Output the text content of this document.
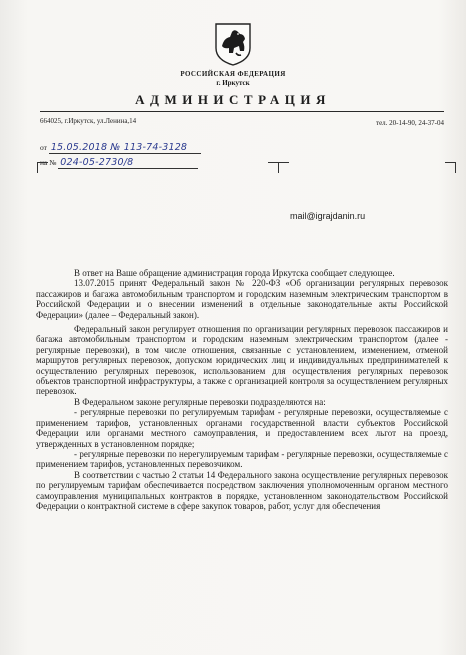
РОССИЙСКАЯ ФЕДЕРАЦИЯ
г. Иркутск
АДМИНИСТРАЦИЯ
664025, г.Иркутск, ул.Ленина,14	тел. 20-14-90, 24-37-04
от 15.05.2018 № 113-74-3128
на № 024-05-2730/8
mail@igrajdanin.ru

В ответ на Ваше обращение администрация города Иркутска сообщает следующее.

13.07.2015 принят Федеральный закон № 220-ФЗ «Об организации регулярных перевозок пассажиров и багажа автомобильным транспортом и городским наземным электрическим транспортом в Российской Федерации и о внесении изменений в отдельные законодательные акты Российской Федерации» (далее – Федеральный закон).

Федеральный закон регулирует отношения по организации регулярных перевозок пассажиров и багажа автомобильным транспортом и городским наземным электрическим транспортом (далее - регулярные перевозки), в том числе отношения, связанные с установлением, изменением, отменой маршрутов регулярных перевозок, допуском юридических лиц и индивидуальных предпринимателей к осуществлению регулярных перевозок, использованием для осуществления регулярных перевозок объектов транспортной инфраструктуры, а также с организацией контроля за осуществлением регулярных перевозок.

В Федеральном законе регулярные перевозки подразделяются на:

- регулярные перевозки по регулируемым тарифам - регулярные перевозки, осуществляемые с применением тарифов, установленных органами государственной власти субъектов Российской Федерации или органами местного самоуправления, и предоставлением всех льгот на проезд, утвержденных в установленном порядке;

- регулярные перевозки по нерегулируемым тарифам - регулярные перевозки, осуществляемые с применением тарифов, установленных перевозчиком.

В соответствии с частью 2 статьи 14 Федерального закона осуществление регулярных перевозок по регулируемым тарифам обеспечивается посредством заключения уполномоченным органом местного самоуправления муниципальных контрактов в порядке, установленном законодательством Российской Федерации о контрактной системе в сфере закупок товаров, работ, услуг для обеспечения
